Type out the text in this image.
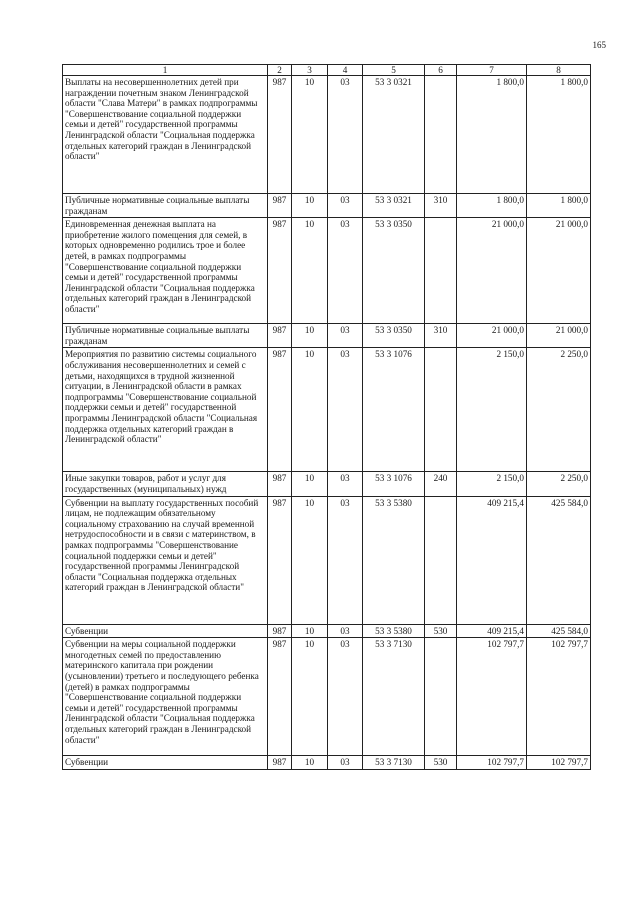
165
1	2	3	4	5	6	7	8
Выплаты на несовершеннолетних детей при награждении почетным знаком Ленинградской области "Слава Матери" в рамках подпрограммы "Совершенствование социальной поддержки семьи и детей" государственной программы Ленинградской области "Социальная поддержка отдельных категорий граждан в Ленинградской области"	987	10	03	53 3 0321		1 800,0	1 800,0
Публичные нормативные социальные выплаты гражданам	987	10	03	53 3 0321	310	1 800,0	1 800,0
Единовременная денежная выплата на приобретение жилого помещения для семей, в которых одновременно родились трое и более детей, в рамках подпрограммы "Совершенствование социальной поддержки семьи и детей" государственной программы Ленинградской области "Социальная поддержка отдельных категорий граждан в Ленинградской области"	987	10	03	53 3 0350		21 000,0	21 000,0
Публичные нормативные социальные выплаты гражданам	987	10	03	53 3 0350	310	21 000,0	21 000,0
Мероприятия по развитию системы социального обслуживания несовершеннолетних и семей с детьми, находящихся в трудной жизненной ситуации, в Ленинградской области в рамках подпрограммы "Совершенствование социальной поддержки семьи и детей" государственной программы Ленинградской области "Социальная поддержка отдельных категорий граждан в Ленинградской области"	987	10	03	53 3 1076		2 150,0	2 250,0
Иные закупки товаров, работ и услуг для государственных (муниципальных) нужд	987	10	03	53 3 1076	240	2 150,0	2 250,0
Субвенции на выплату государственных пособий лицам, не подлежащим обязательному социальному страхованию на случай временной нетрудоспособности и в связи с материнством, в рамках подпрограммы "Совершенствование социальной поддержки семьи и детей" государственной программы Ленинградской области "Социальная поддержка отдельных категорий граждан в Ленинградской области"	987	10	03	53 3 5380		409 215,4	425 584,0
Субвенции	987	10	03	53 3 5380	530	409 215,4	425 584,0
Субвенции на меры социальной поддержки многодетных семей по предоставлению материнского капитала при рождении (усыновлении) третьего и последующего ребенка (детей) в рамках подпрограммы "Совершенствование социальной поддержки семьи и детей" государственной программы Ленинградской области "Социальная поддержка отдельных категорий граждан в Ленинградской области"	987	10	03	53 3 7130		102 797,7	102 797,7
Субвенции	987	10	03	53 3 7130	530	102 797,7	102 797,7
